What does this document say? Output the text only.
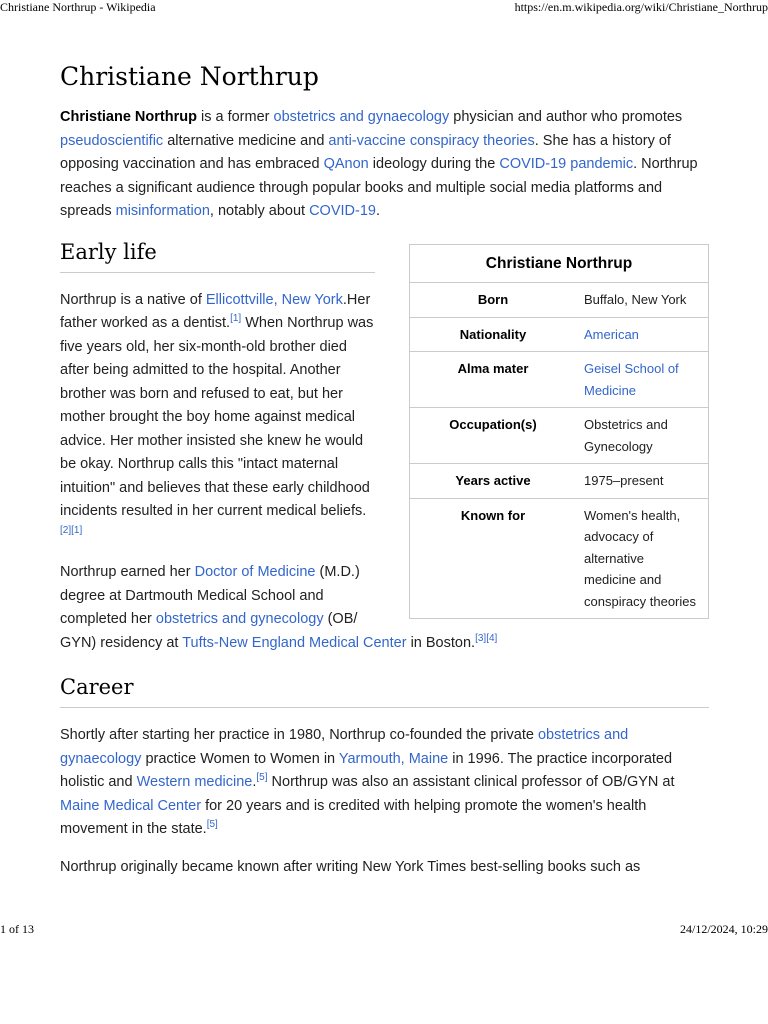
Christiane Northrup - Wikipedia	https://en.m.wikipedia.org/wiki/Christiane_Northrup
Christiane Northrup

Christiane Northrup is a former obstetrics and gynaecology physician and author who promotes pseudoscientific alternative medicine and anti-vaccine conspiracy theories. She has a history of opposing vaccination and has embraced QAnon ideology during the COVID-19 pandemic. Northrup reaches a significant audience through popular books and multiple social media platforms and spreads misinformation, notably about COVID-19.

Christiane Northrup
Born	Buffalo, New York
Nationality	American
Alma mater	Geisel School of Medicine
Occupation(s)	Obstetrics and Gynecology
Years active	1975–present
Known for	Women's health, advocacy of alternative medicine and conspiracy theories
Early life

Northrup is a native of Ellicottville, New York.Her father worked as a dentist.[1] When Northrup was five years old, her six-month-old brother died after being admitted to the hospital. Another brother was born and refused to eat, but her mother brought the boy home against medical advice. Her mother insisted she knew he would be okay. Northrup calls this "intact maternal intuition" and believes that these early childhood incidents resulted in her current medical beliefs.[2][1]

Northrup earned her Doctor of Medicine (M.D.) degree at Dartmouth Medical School and completed her obstetrics and gynecology (OB/ GYN) residency at Tufts-New England Medical Center in Boston.[3][4]

Career

Shortly after starting her practice in 1980, Northrup co-founded the private obstetrics and gynaecology practice Women to Women in Yarmouth, Maine in 1996. The practice incorporated holistic and Western medicine.[5] Northrup was also an assistant clinical professor of OB/GYN at Maine Medical Center for 20 years and is credited with helping promote the women's health movement in the state.[5]

Northrup originally became known after writing New York Times best-selling books such as

1 of 13	24/12/2024, 10:29
